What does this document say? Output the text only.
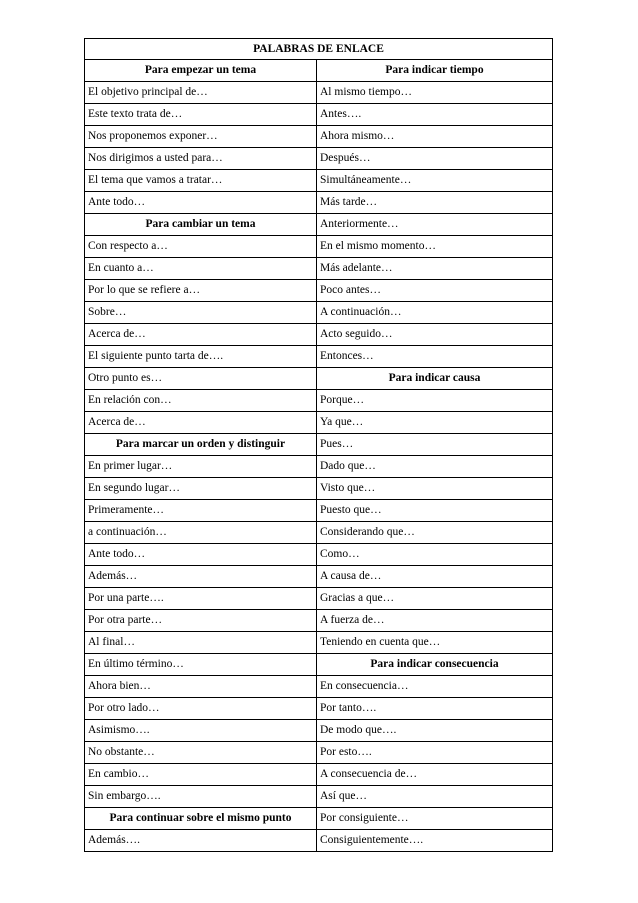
PALABRAS DE ENLACE	
Para empezar un tema	Para indicar tiempo
El objetivo principal de…	Al mismo tiempo…
Este texto trata de…	Antes….
Nos proponemos exponer…	Ahora mismo…
Nos dirigimos a usted para…	Después…
El tema que vamos a tratar…	Simultáneamente…
Ante todo…	Más tarde…
Para cambiar un tema	Anteriormente…
Con respecto a…	En el mismo momento…
En cuanto a…	Más adelante…
Por lo que se refiere a…	Poco antes…
Sobre…	A continuación…
Acerca de…	Acto seguido…
El siguiente punto tarta de….	Entonces…
Otro punto es…	Para indicar causa
En relación con…	Porque…
Acerca de…	Ya que…
Para marcar un orden y distinguir	Pues…
En primer lugar…	Dado que…
En segundo lugar…	Visto que…
Primeramente…	Puesto que…
a continuación…	Considerando que…
Ante todo…	Como…
Además…	A causa de…
Por una parte….	Gracias a que…
Por otra parte…	A fuerza de…
Al final…	Teniendo en cuenta que…
En último término…	Para indicar consecuencia
Ahora bien…	En consecuencia…
Por otro lado…	Por tanto….
Asimismo….	De modo que….
No obstante…	Por esto….
En cambio…	A consecuencia de…
Sin embargo….	Así que…
Para continuar sobre el mismo punto	Por consiguiente…
Además….	Consiguientemente….
